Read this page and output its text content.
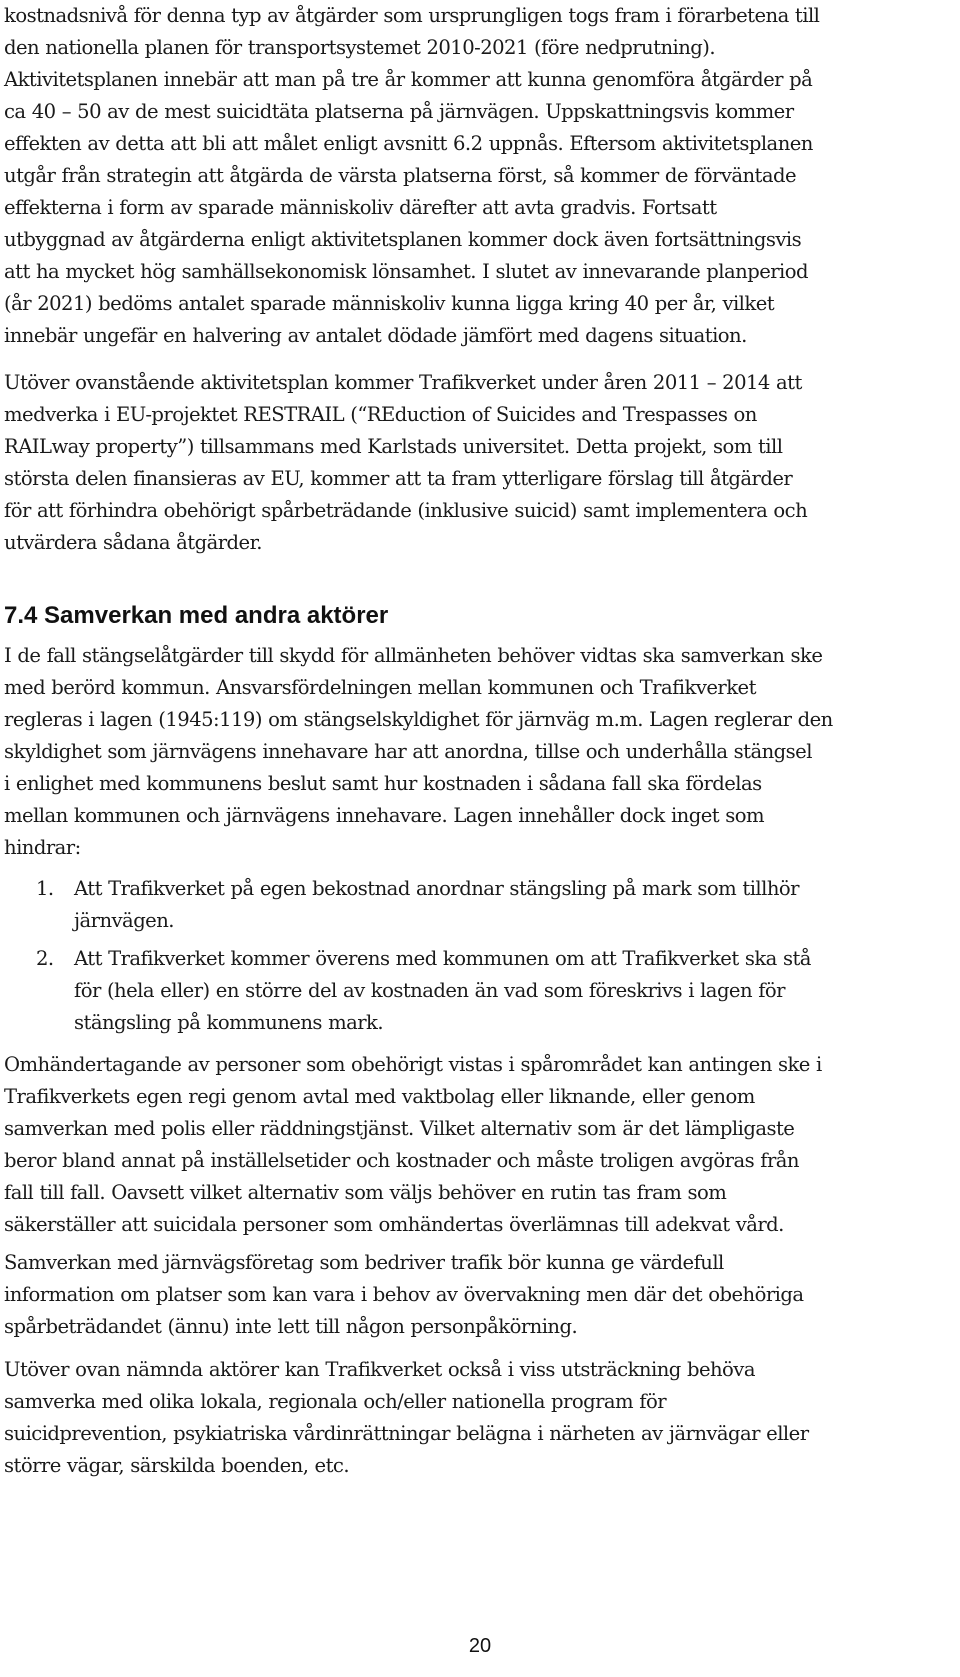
kostnadsnivå för denna typ av åtgärder som ursprungligen togs fram i förarbetena till
den nationella planen för transportsystemet 2010-2021 (före nedprutning).
Aktivitetsplanen innebär att man på tre år kommer att kunna genomföra åtgärder på
ca 40 – 50 av de mest suicidtäta platserna på järnvägen. Uppskattningsvis kommer
effekten av detta att bli att målet enligt avsnitt 6.2 uppnås. Eftersom aktivitetsplanen
utgår från strategin att åtgärda de värsta platserna först, så kommer de förväntade
effekterna i form av sparade människoliv därefter att avta gradvis. Fortsatt
utbyggnad av åtgärderna enligt aktivitetsplanen kommer dock även fortsättningsvis
att ha mycket hög samhällsekonomisk lönsamhet. I slutet av innevarande planperiod
(år 2021) bedöms antalet sparade människoliv kunna ligga kring 40 per år, vilket
innebär ungefär en halvering av antalet dödade jämfört med dagens situation.
Utöver ovanstående aktivitetsplan kommer Trafikverket under åren 2011 – 2014 att
medverka i EU-projektet RESTRAIL (“REduction of Suicides and Trespasses on
RAILway property”) tillsammans med Karlstads universitet. Detta projekt, som till
största delen finansieras av EU, kommer att ta fram ytterligare förslag till åtgärder
för att förhindra obehörigt spårbeträdande (inklusive suicid) samt implementera och
utvärdera sådana åtgärder.
7.4 Samverkan med andra aktörer
I de fall stängselåtgärder till skydd för allmänheten behöver vidtas ska samverkan ske
med berörd kommun. Ansvarsfördelningen mellan kommunen och Trafikverket
regleras i lagen (1945:119) om stängselskyldighet för järnväg m.m. Lagen reglerar den
skyldighet som järnvägens innehavare har att anordna, tillse och underhålla stängsel
i enlighet med kommunens beslut samt hur kostnaden i sådana fall ska fördelas
mellan kommunen och järnvägens innehavare. Lagen innehåller dock inget som
hindrar:
1. Att Trafikverket på egen bekostnad anordnar stängsling på mark som tillhör
järnvägen.
2. Att Trafikverket kommer överens med kommunen om att Trafikverket ska stå
för (hela eller) en större del av kostnaden än vad som föreskrivs i lagen för
stängsling på kommunens mark.
Omhändertagande av personer som obehörigt vistas i spårområdet kan antingen ske i
Trafikverkets egen regi genom avtal med vaktbolag eller liknande, eller genom
samverkan med polis eller räddningstjänst. Vilket alternativ som är det lämpligaste
beror bland annat på inställelsetider och kostnader och måste troligen avgöras från
fall till fall. Oavsett vilket alternativ som väljs behöver en rutin tas fram som
säkerställer att suicidala personer som omhändertas överlämnas till adekvat vård.
Samverkan med järnvägsföretag som bedriver trafik bör kunna ge värdefull
information om platser som kan vara i behov av övervakning men där det obehöriga
spårbeträdandet (ännu) inte lett till någon personpåkörning.
Utöver ovan nämnda aktörer kan Trafikverket också i viss utsträckning behöva
samverka med olika lokala, regionala och/eller nationella program för
suicidprevention, psykiatriska vårdinrättningar belägna i närheten av järnvägar eller
större vägar, särskilda boenden, etc.
20
